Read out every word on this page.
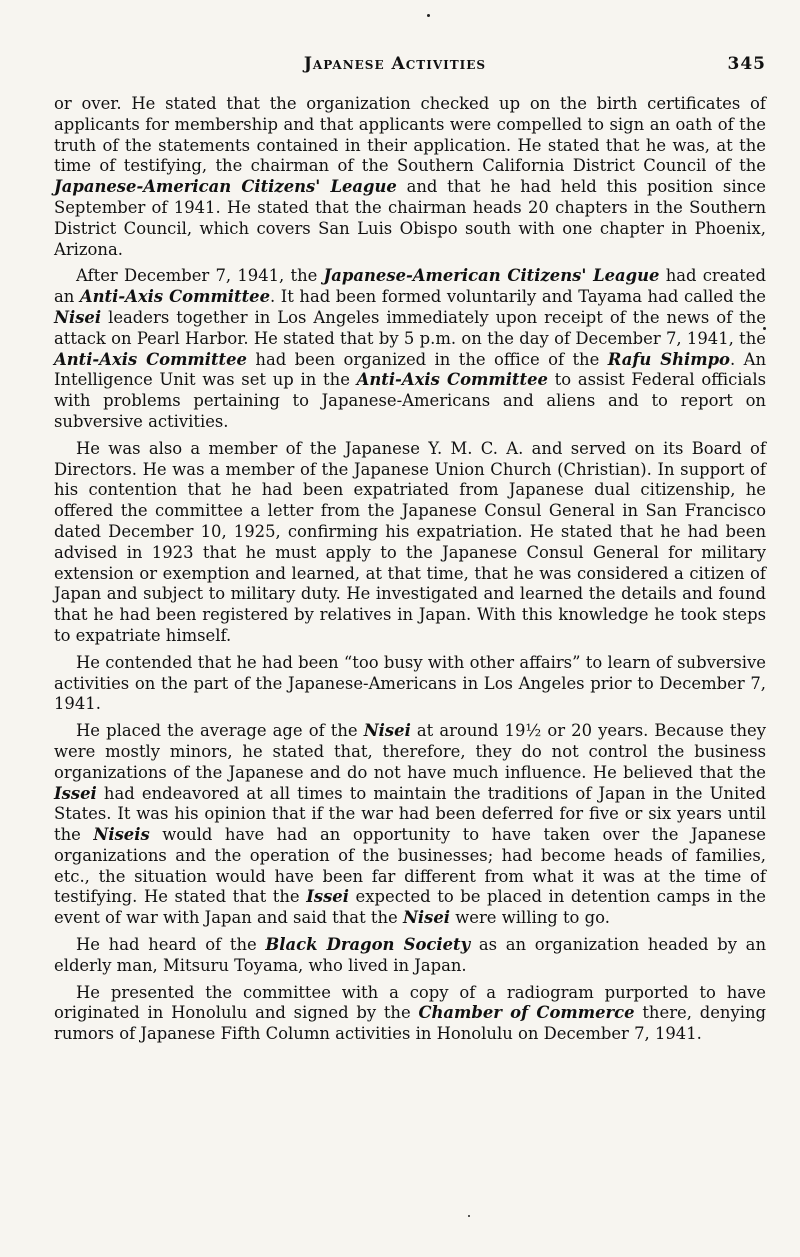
Japanese Activities	345

or over. He stated that the organization checked up on the birth certificates of applicants for membership and that applicants were compelled to sign an oath of the truth of the statements contained in their application. He stated that he was, at the time of testifying, the chairman of the Southern California District Council of the Japanese-American Citizens' League and that he had held this position since September of 1941. He stated that the chairman heads 20 chapters in the Southern District Council, which covers San Luis Obispo south with one chapter in Phoenix, Arizona.

After December 7, 1941, the Japanese-American Citizens' League had created an Anti-Axis Committee. It had been formed voluntarily and Tayama had called the Nisei leaders together in Los Angeles immediately upon receipt of the news of the attack on Pearl Harbor. He stated that by 5 p.m. on the day of December 7, 1941, the Anti-Axis Committee had been organized in the office of the Rafu Shimpo. An Intelligence Unit was set up in the Anti-Axis Committee to assist Federal officials with problems pertaining to Japanese-Americans and aliens and to report on subversive activities.

He was also a member of the Japanese Y. M. C. A. and served on its Board of Directors. He was a member of the Japanese Union Church (Christian). In support of his contention that he had been expatriated from Japanese dual citizenship, he offered the committee a letter from the Japanese Consul General in San Francisco dated December 10, 1925, confirming his expatriation. He stated that he had been advised in 1923 that he must apply to the Japanese Consul General for military extension or exemption and learned, at that time, that he was considered a citizen of Japan and subject to military duty. He investigated and learned the details and found that he had been registered by relatives in Japan. With this knowledge he took steps to expatriate himself.

He contended that he had been “too busy with other affairs” to learn of subversive activities on the part of the Japanese-Americans in Los Angeles prior to December 7, 1941.

He placed the average age of the Nisei at around 19½ or 20 years. Because they were mostly minors, he stated that, therefore, they do not control the business organizations of the Japanese and do not have much influence. He believed that the Issei had endeavored at all times to maintain the traditions of Japan in the United States. It was his opinion that if the war had been deferred for five or six years until the Niseis would have had an opportunity to have taken over the Japanese organizations and the operation of the businesses; had become heads of families, etc., the situation would have been far different from what it was at the time of testifying. He stated that the Issei expected to be placed in detention camps in the event of war with Japan and said that the Nisei were willing to go.

He had heard of the Black Dragon Society as an organization headed by an elderly man, Mitsuru Toyama, who lived in Japan.

He presented the committee with a copy of a radiogram purported to have originated in Honolulu and signed by the Chamber of Commerce there, denying rumors of Japanese Fifth Column activities in Honolulu on December 7, 1941.
